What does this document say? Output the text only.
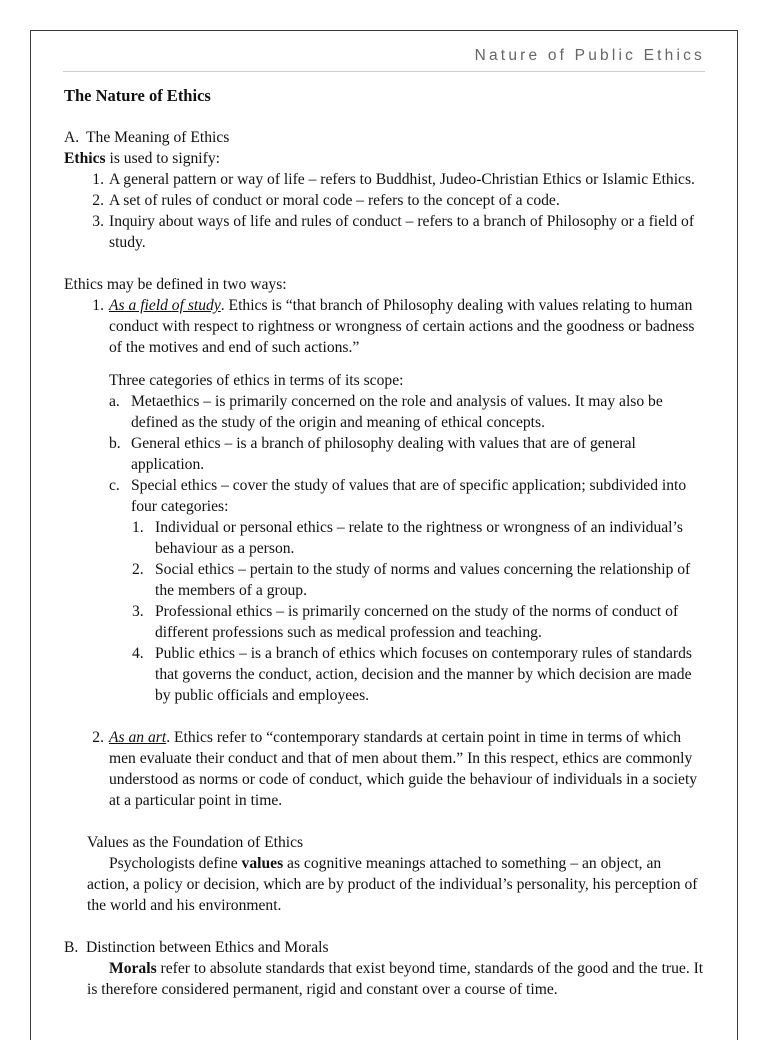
Nature of Public Ethics
The Nature of Ethics
A. The Meaning of Ethics
Ethics is used to signify:
1. A general pattern or way of life – refers to Buddhist, Judeo-Christian Ethics or Islamic Ethics.
2. A set of rules of conduct or moral code – refers to the concept of a code.
3. Inquiry about ways of life and rules of conduct – refers to a branch of Philosophy or a field of study.
Ethics may be defined in two ways:
1. As a field of study. Ethics is “that branch of Philosophy dealing with values relating to human conduct with respect to rightness or wrongness of certain actions and the goodness or badness of the motives and end of such actions.”
Three categories of ethics in terms of its scope:
a. Metaethics – is primarily concerned on the role and analysis of values. It may also be defined as the study of the origin and meaning of ethical concepts.
b. General ethics – is a branch of philosophy dealing with values that are of general application.
c. Special ethics – cover the study of values that are of specific application; subdivided into four categories:
1. Individual or personal ethics – relate to the rightness or wrongness of an individual’s behaviour as a person.
2. Social ethics – pertain to the study of norms and values concerning the relationship of the members of a group.
3. Professional ethics – is primarily concerned on the study of the norms of conduct of different professions such as medical profession and teaching.
4. Public ethics – is a branch of ethics which focuses on contemporary rules of standards that governs the conduct, action, decision and the manner by which decision are made by public officials and employees.
2. As an art. Ethics refer to “contemporary standards at certain point in time in terms of which men evaluate their conduct and that of men about them.” In this respect, ethics are commonly understood as norms or code of conduct, which guide the behaviour of individuals in a society at a particular point in time.
Values as the Foundation of Ethics
Psychologists define values as cognitive meanings attached to something – an object, an action, a policy or decision, which are by product of the individual’s personality, his perception of the world and his environment.
B. Distinction between Ethics and Morals
Morals refer to absolute standards that exist beyond time, standards of the good and the true. It is therefore considered permanent, rigid and constant over a course of time.
